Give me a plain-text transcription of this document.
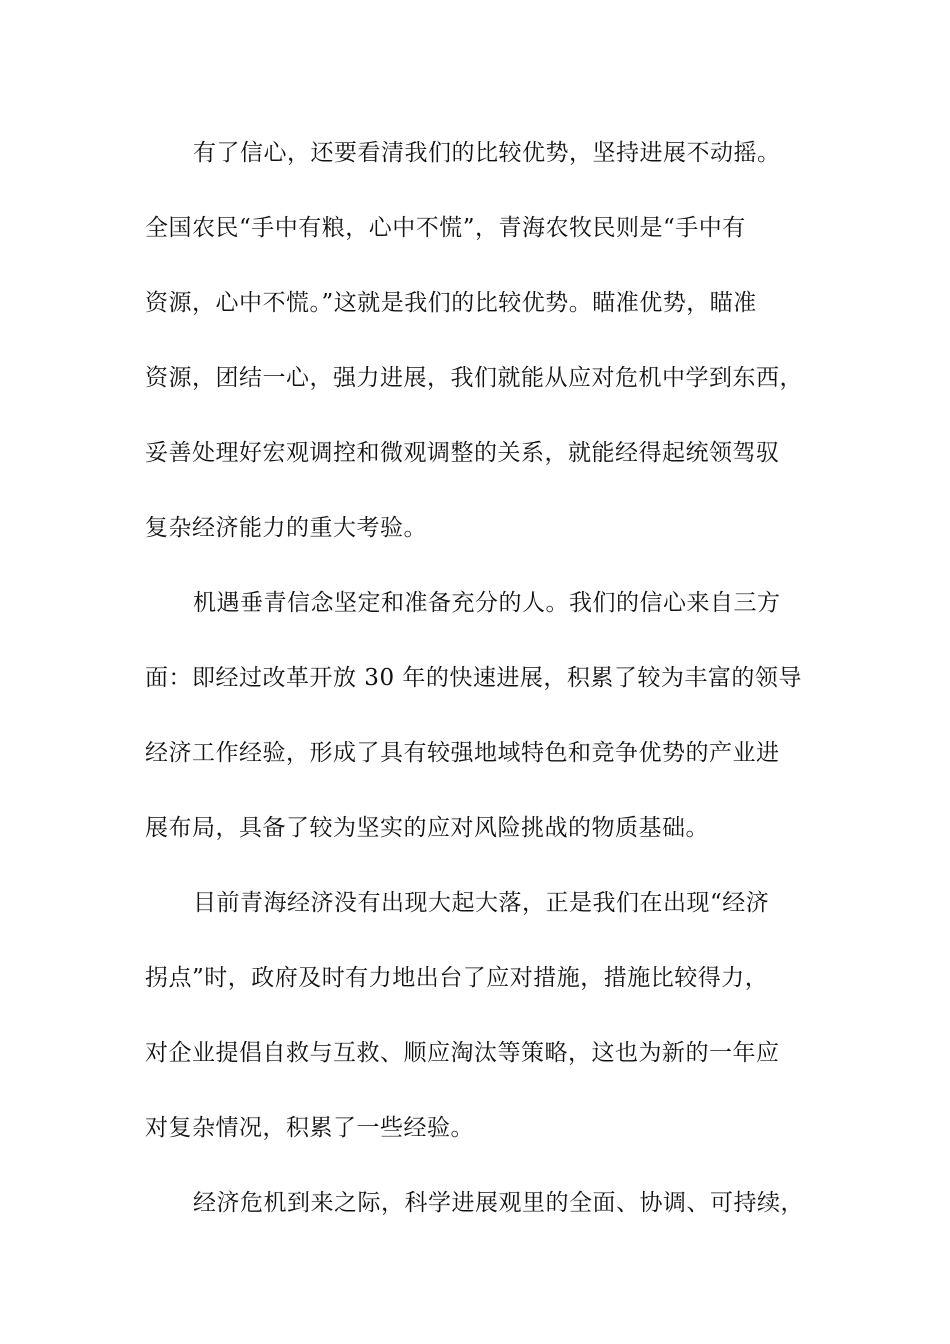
有了信心，还要看清我们的比较优势，坚持进展不动摇。
全国农民“手中有粮，心中不慌”，青海农牧民则是“手中有
资源，心中不慌。”这就是我们的比较优势。瞄准优势，瞄准
资源，团结一心，强力进展，我们就能从应对危机中学到东西，
妥善处理好宏观调控和微观调整的关系，就能经得起统领驾驭
复杂经济能力的重大考验。
机遇垂青信念坚定和准备充分的人。我们的信心来自三方
面：即经过改革开放 30 年的快速进展，积累了较为丰富的领导
经济工作经验，形成了具有较强地域特色和竞争优势的产业进
展布局，具备了较为坚实的应对风险挑战的物质基础。
目前青海经济没有出现大起大落，正是我们在出现“经济
拐点”时，政府及时有力地出台了应对措施，措施比较得力，
对企业提倡自救与互救、顺应淘汰等策略，这也为新的一年应
对复杂情况，积累了一些经验。
经济危机到来之际，科学进展观里的全面、协调、可持续，
